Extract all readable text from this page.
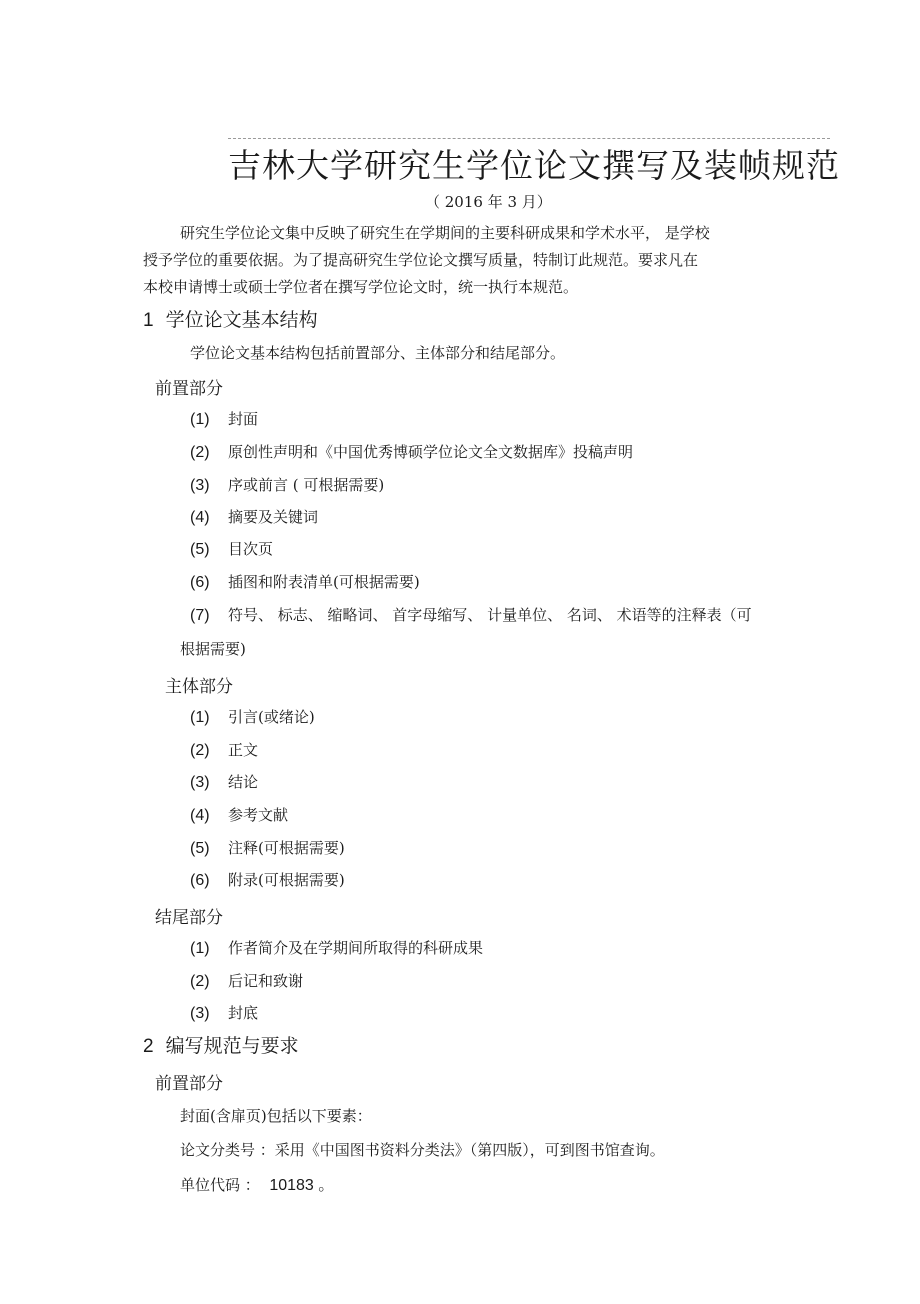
吉林大学研究生学位论文撰写及装帧规范
（ 2016 年 3 月）
研究生学位论文集中反映了研究生在学期间的主要科研成果和学术水平， 是学校
授予学位的重要依据。为了提高研究生学位论文撰写质量，特制订此规范。要求凡在
本校申请博士或硕士学位者在撰写学位论文时，统一执行本规范。
1 学位论文基本结构
学位论文基本结构包括前置部分、主体部分和结尾部分。
前置部分
(1) 封面
(2) 原创性声明和《中国优秀博硕学位论文全文数据库》投稿声明
(3) 序或前言 ( 可根据需要)
(4) 摘要及关键词
(5) 目次页
(6) 插图和附表清单(可根据需要)
(7) 符号、 标志、 缩略词、 首字母缩写、 计量单位、 名词、 术语等的注释表（可
根据需要)
主体部分
(1) 引言(或绪论)
(2) 正文
(3) 结论
(4) 参考文献
(5) 注释(可根据需要)
(6) 附录(可根据需要)
结尾部分
(1) 作者简介及在学期间所取得的科研成果
(2) 后记和致谢
(3) 封底
2 编写规范与要求
前置部分
封面(含扉页)包括以下要素：
论文分类号 ：采用《中国图书资料分类法》（第四版），可到图书馆查询。
单位代码 ： 10183 。
